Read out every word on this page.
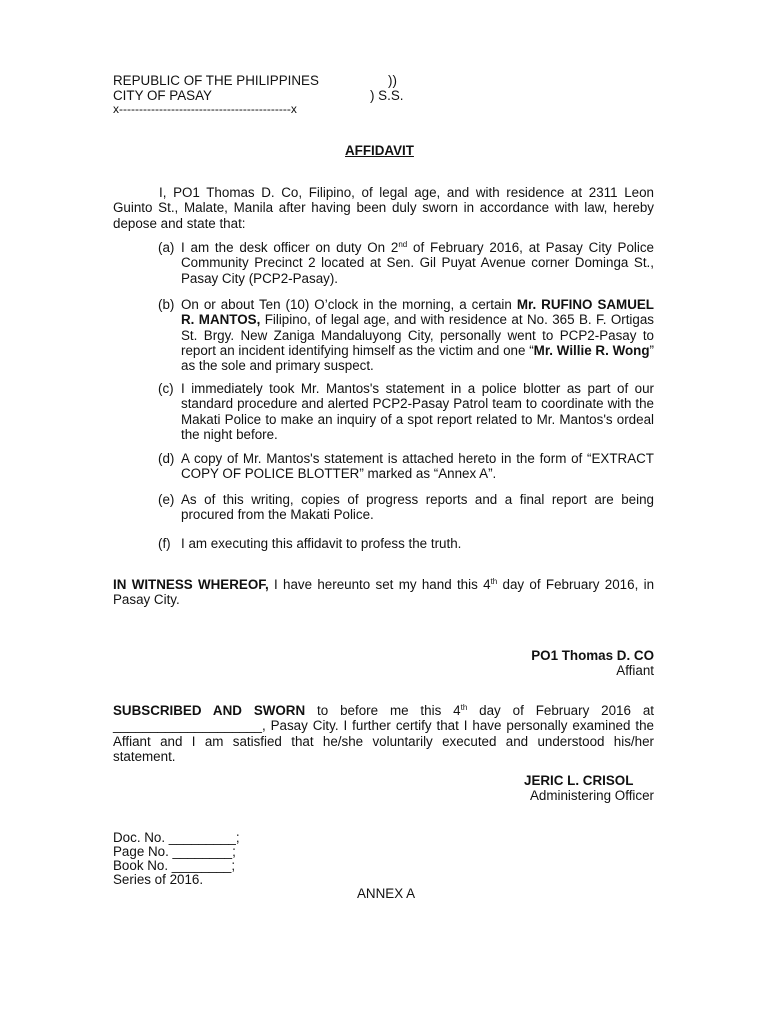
REPUBLIC OF THE PHILIPPINES	))
CITY OF PASAY	) S.S.
x-------------------------------------------x
AFFIDAVIT
I, PO1 Thomas D. Co, Filipino, of legal age, and with residence at 2311 Leon Guinto St., Malate, Manila after having been duly sworn in accordance with law, hereby depose and state that:
(a) I am the desk officer on duty On 2nd of February 2016, at Pasay City Police Community Precinct 2 located at Sen. Gil Puyat Avenue corner Dominga St., Pasay City (PCP2-Pasay).
(b) On or about Ten (10) O’clock in the morning, a certain Mr. RUFINO SAMUEL R. MANTOS, Filipino, of legal age, and with residence at No. 365 B. F. Ortigas St. Brgy. New Zaniga Mandaluyong City, personally went to PCP2-Pasay to report an incident identifying himself as the victim and one “Mr. Willie R. Wong” as the sole and primary suspect.
(c) I immediately took Mr. Mantos's statement in a police blotter as part of our standard procedure and alerted PCP2-Pasay Patrol team to coordinate with the Makati Police to make an inquiry of a spot report related to Mr. Mantos's ordeal the night before.
(d) A copy of Mr. Mantos's statement is attached hereto in the form of “EXTRACT COPY OF POLICE BLOTTER” marked as “Annex A”.
(e) As of this writing, copies of progress reports and a final report are being procured from the Makati Police.
(f) I am executing this affidavit to profess the truth.
IN WITNESS WHEREOF, I have hereunto set my hand this 4th day of February 2016, in Pasay City.
PO1 Thomas D. CO
Affiant
SUBSCRIBED AND SWORN to before me this 4th day of February 2016 at ____________________, Pasay City. I further certify that I have personally examined the Affiant and I am satisfied that he/she voluntarily executed and understood his/her statement.
JERIC L. CRISOL
Administering Officer
Doc. No. _________;
Page No. ________;
Book No. ________;
Series of 2016.
ANNEX A
